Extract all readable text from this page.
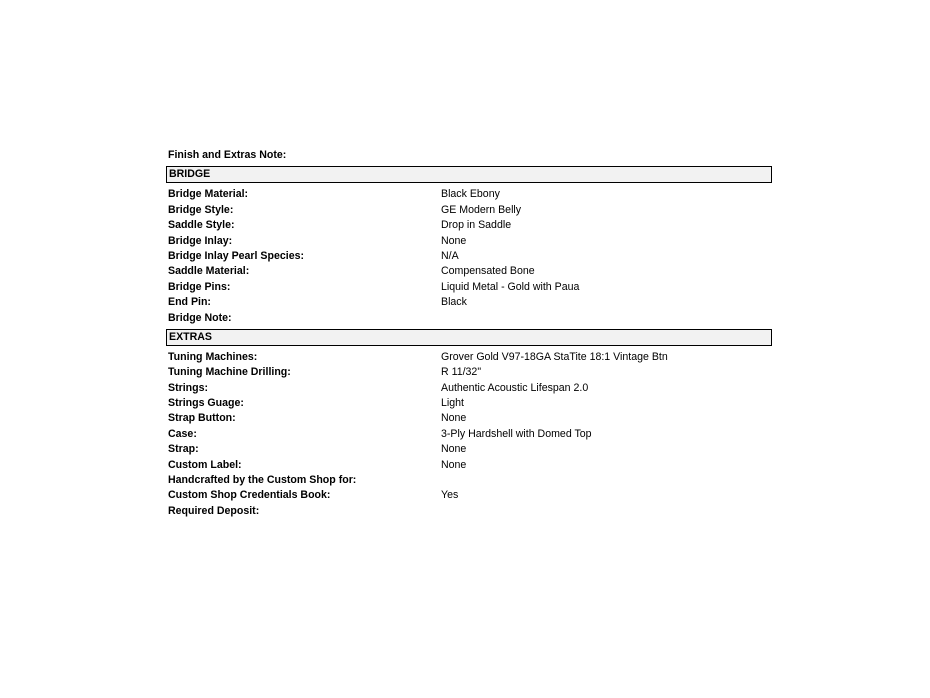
Finish and Extras Note:
BRIDGE
Bridge Material:	Black Ebony
Bridge Style:	GE Modern Belly
Saddle Style:	Drop in Saddle
Bridge Inlay:	None
Bridge Inlay Pearl Species:	N/A
Saddle Material:	Compensated Bone
Bridge Pins:	Liquid Metal - Gold with Paua
End Pin:	Black
Bridge Note:
EXTRAS
Tuning Machines:	Grover Gold V97-18GA StaTite 18:1 Vintage Btn
Tuning Machine Drilling:	R 11/32"
Strings:	Authentic Acoustic Lifespan 2.0
Strings Guage:	Light
Strap Button:	None
Case:	3-Ply Hardshell with Domed Top
Strap:	None
Custom Label:	None
Handcrafted by the Custom Shop for:
Custom Shop Credentials Book:	Yes
Required Deposit:
